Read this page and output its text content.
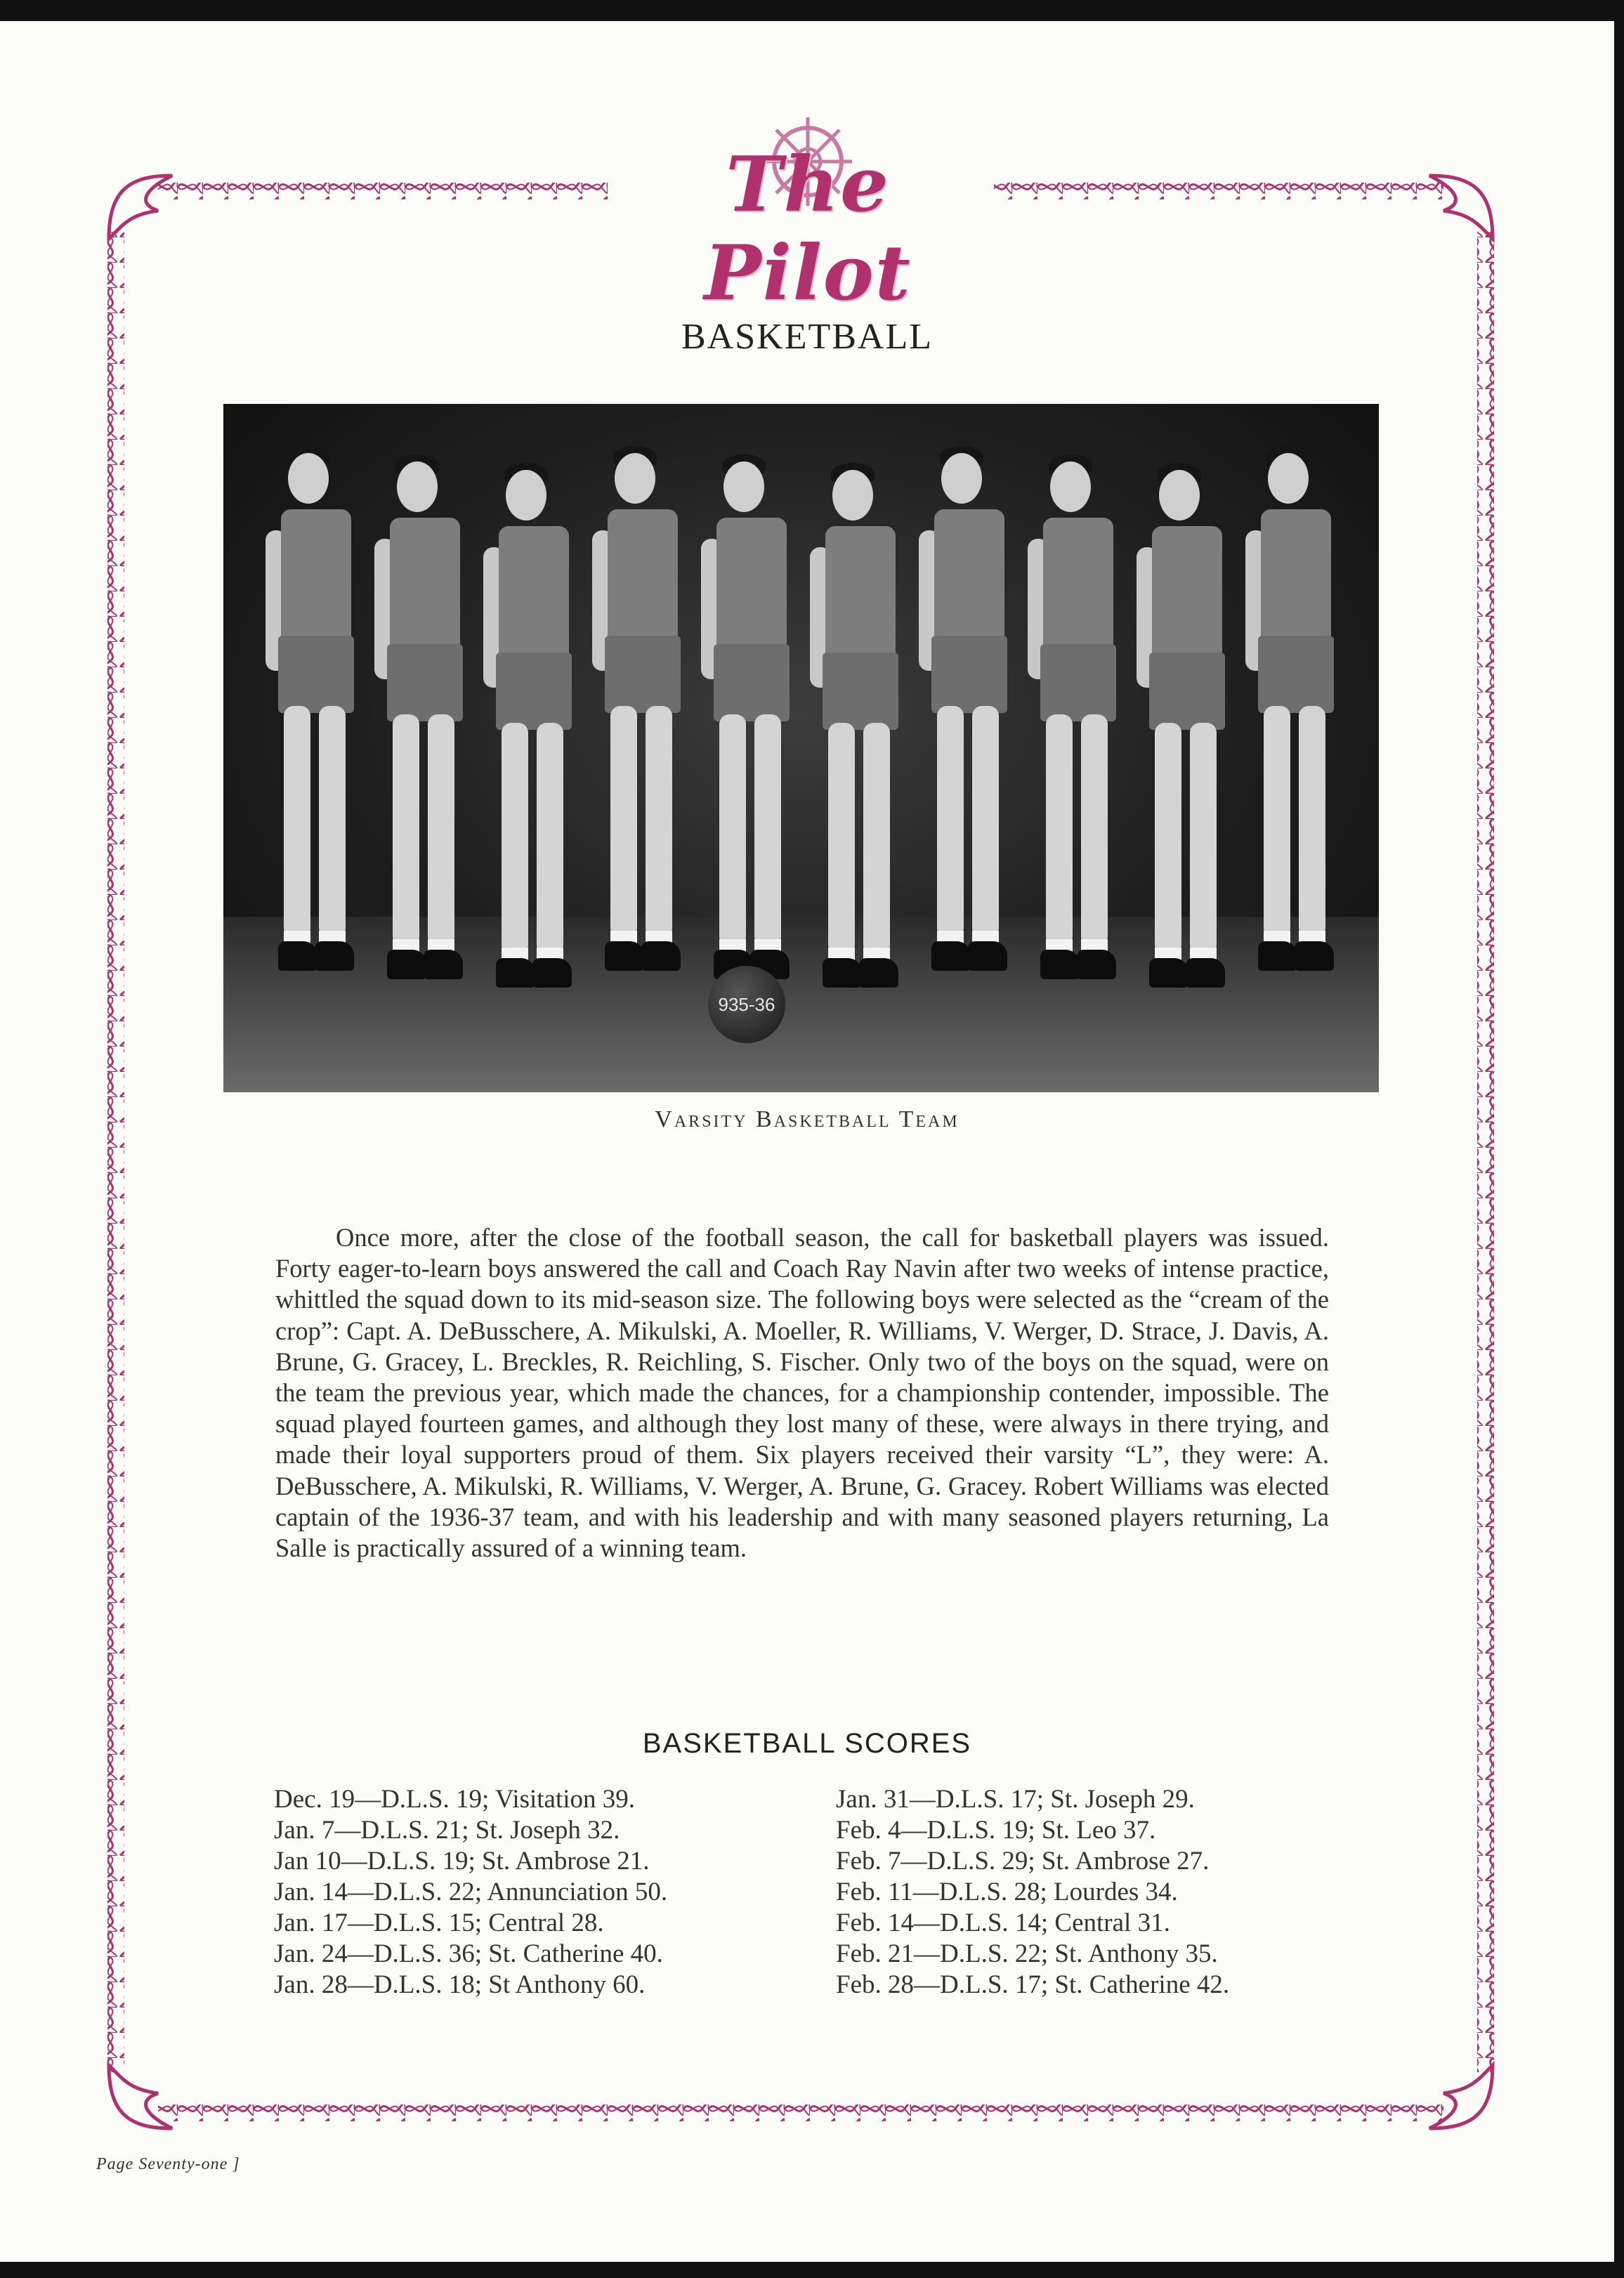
The Pilot
BASKETBALL
935-36
Varsity Basketball Team
Once more, after the close of the football season, the call for basketball players was issued. Forty eager-to-learn boys answered the call and Coach Ray Navin after two weeks of intense practice, whittled the squad down to its mid-season size. The following boys were selected as the “cream of the crop”: Capt. A. DeBusschere, A. Mikulski, A. Moeller, R. Williams, V. Werger, D. Strace, J. Davis, A. Brune, G. Gracey, L. Breckles, R. Reichling, S. Fischer. Only two of the boys on the squad, were on the team the previous year, which made the chances, for a championship contender, impossible. The squad played fourteen games, and although they lost many of these, were always in there trying, and made their loyal supporters proud of them. Six players received their varsity “L”, they were: A. DeBusschere, A. Mikulski, R. Williams, V. Werger, A. Brune, G. Gracey. Robert Williams was elected captain of the 1936-37 team, and with his leadership and with many seasoned players returning, La Salle is practically assured of a winning team.
BASKETBALL SCORES
Dec. 19—D.L.S. 19; Visitation 39.
Jan. 7—D.L.S. 21; St. Joseph 32.
Jan 10—D.L.S. 19; St. Ambrose 21.
Jan. 14—D.L.S. 22; Annunciation 50.
Jan. 17—D.L.S. 15; Central 28.
Jan. 24—D.L.S. 36; St. Catherine 40.
Jan. 28—D.L.S. 18; St Anthony 60.
Jan. 31—D.L.S. 17; St. Joseph 29.
Feb. 4—D.L.S. 19; St. Leo 37.
Feb. 7—D.L.S. 29; St. Ambrose 27.
Feb. 11—D.L.S. 28; Lourdes 34.
Feb. 14—D.L.S. 14; Central 31.
Feb. 21—D.L.S. 22; St. Anthony 35.
Feb. 28—D.L.S. 17; St. Catherine 42.
Page Seventy-one ]
